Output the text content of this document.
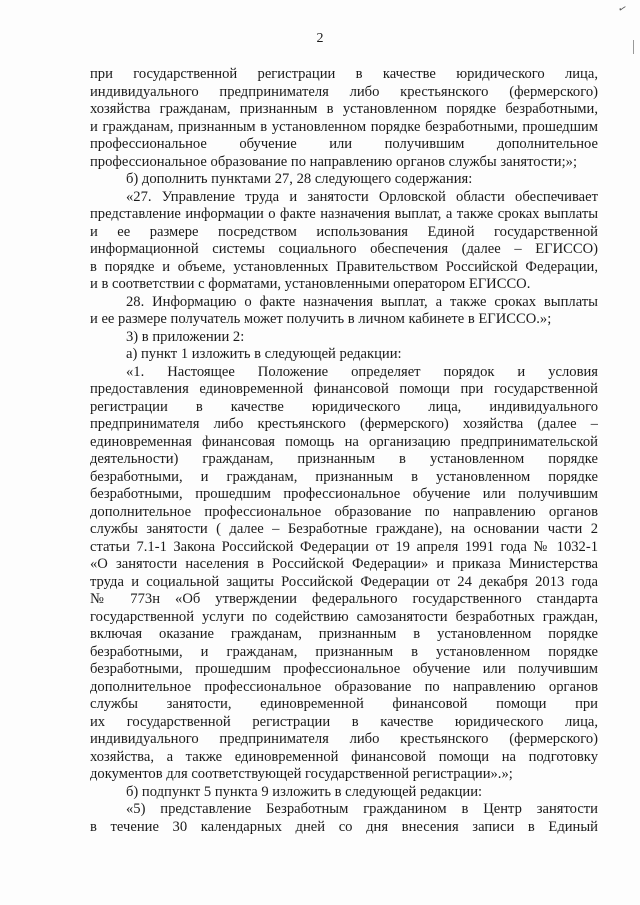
✓
2
при государственной регистрации в качестве юридического лица,
индивидуального предпринимателя либо крестьянского (фермерского)
хозяйства гражданам, признанным в установленном порядке безработными,
и гражданам, признанным в установленном порядке безработными, прошедшим
профессиональное обучение или получившим дополнительное
профессиональное образование по направлению органов службы занятости;»;
б) дополнить пунктами 27, 28 следующего содержания:
«27. Управление труда и занятости Орловской области обеспечивает
представление информации о факте назначения выплат, а также сроках выплаты
и ее размере посредством использования Единой государственной
информационной системы социального обеспечения (далее – ЕГИССО)
в порядке и объеме, установленных Правительством Российской Федерации,
и в соответствии с форматами, установленными оператором ЕГИССО.
28. Информацию о факте назначения выплат, а также сроках выплаты
и ее размере получатель может получить в личном кабинете в ЕГИССО.»;
3) в приложении 2:
а) пункт 1 изложить в следующей редакции:
«1. Настоящее Положение определяет порядок и условия
предоставления единовременной финансовой помощи при государственной
регистрации в качестве юридического лица, индивидуального
предпринимателя либо крестьянского (фермерского) хозяйства (далее –
единовременная финансовая помощь на организацию предпринимательской
деятельности) гражданам, признанным в установленном порядке
безработными, и гражданам, признанным в установленном порядке
безработными, прошедшим профессиональное обучение или получившим
дополнительное профессиональное образование по направлению органов
службы занятости ( далее – Безработные граждане), на основании части 2
статьи 7.1-1 Закона Российской Федерации от 19 апреля 1991 года № 1032-1
«О занятости населения в Российской Федерации» и приказа Министерства
труда и социальной защиты Российской Федерации от 24 декабря 2013 года
№ 773н «Об утверждении федерального государственного стандарта
государственной услуги по содействию самозанятости безработных граждан,
включая оказание гражданам, признанным в установленном порядке
безработными, и гражданам, признанным в установленном порядке
безработными, прошедшим профессиональное обучение или получившим
дополнительное профессиональное образование по направлению органов
службы занятости, единовременной финансовой помощи при
их государственной регистрации в качестве юридического лица,
индивидуального предпринимателя либо крестьянского (фермерского)
хозяйства, а также единовременной финансовой помощи на подготовку
документов для соответствующей государственной регистрации».»;
б) подпункт 5 пункта 9 изложить в следующей редакции:
«5) представление Безработным гражданином в Центр занятости
в течение 30 календарных дней со дня внесения записи в Единый
